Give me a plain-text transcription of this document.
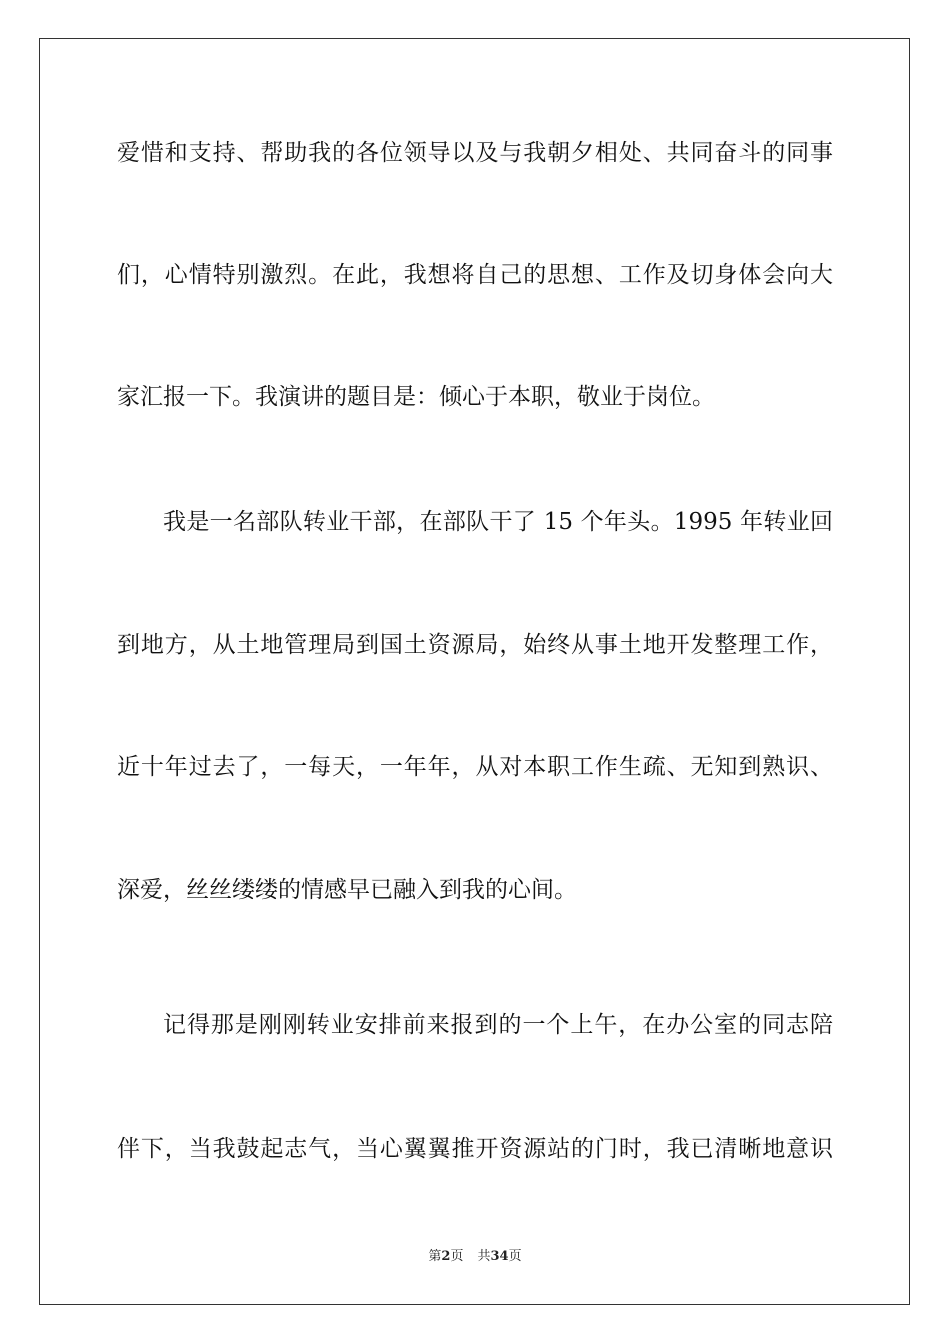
爱惜和支持、帮助我的各位领导以及与我朝夕相处、共同奋斗的同事
们，心情特别激烈。在此，我想将自己的思想、工作及切身体会向大
家汇报一下。我演讲的题目是：倾心于本职，敬业于岗位。
我是一名部队转业干部，在部队干了 15 个年头。1995 年转业回
到地方，从土地管理局到国土资源局，始终从事土地开发整理工作，
近十年过去了，一每天，一年年，从对本职工作生疏、无知到熟识、
深爱，丝丝缕缕的情感早已融入到我的心间。
记得那是刚刚转业安排前来报到的一个上午，在办公室的同志陪
伴下，当我鼓起志气，当心翼翼推开资源站的门时，我已清晰地意识
第2页 共34页
